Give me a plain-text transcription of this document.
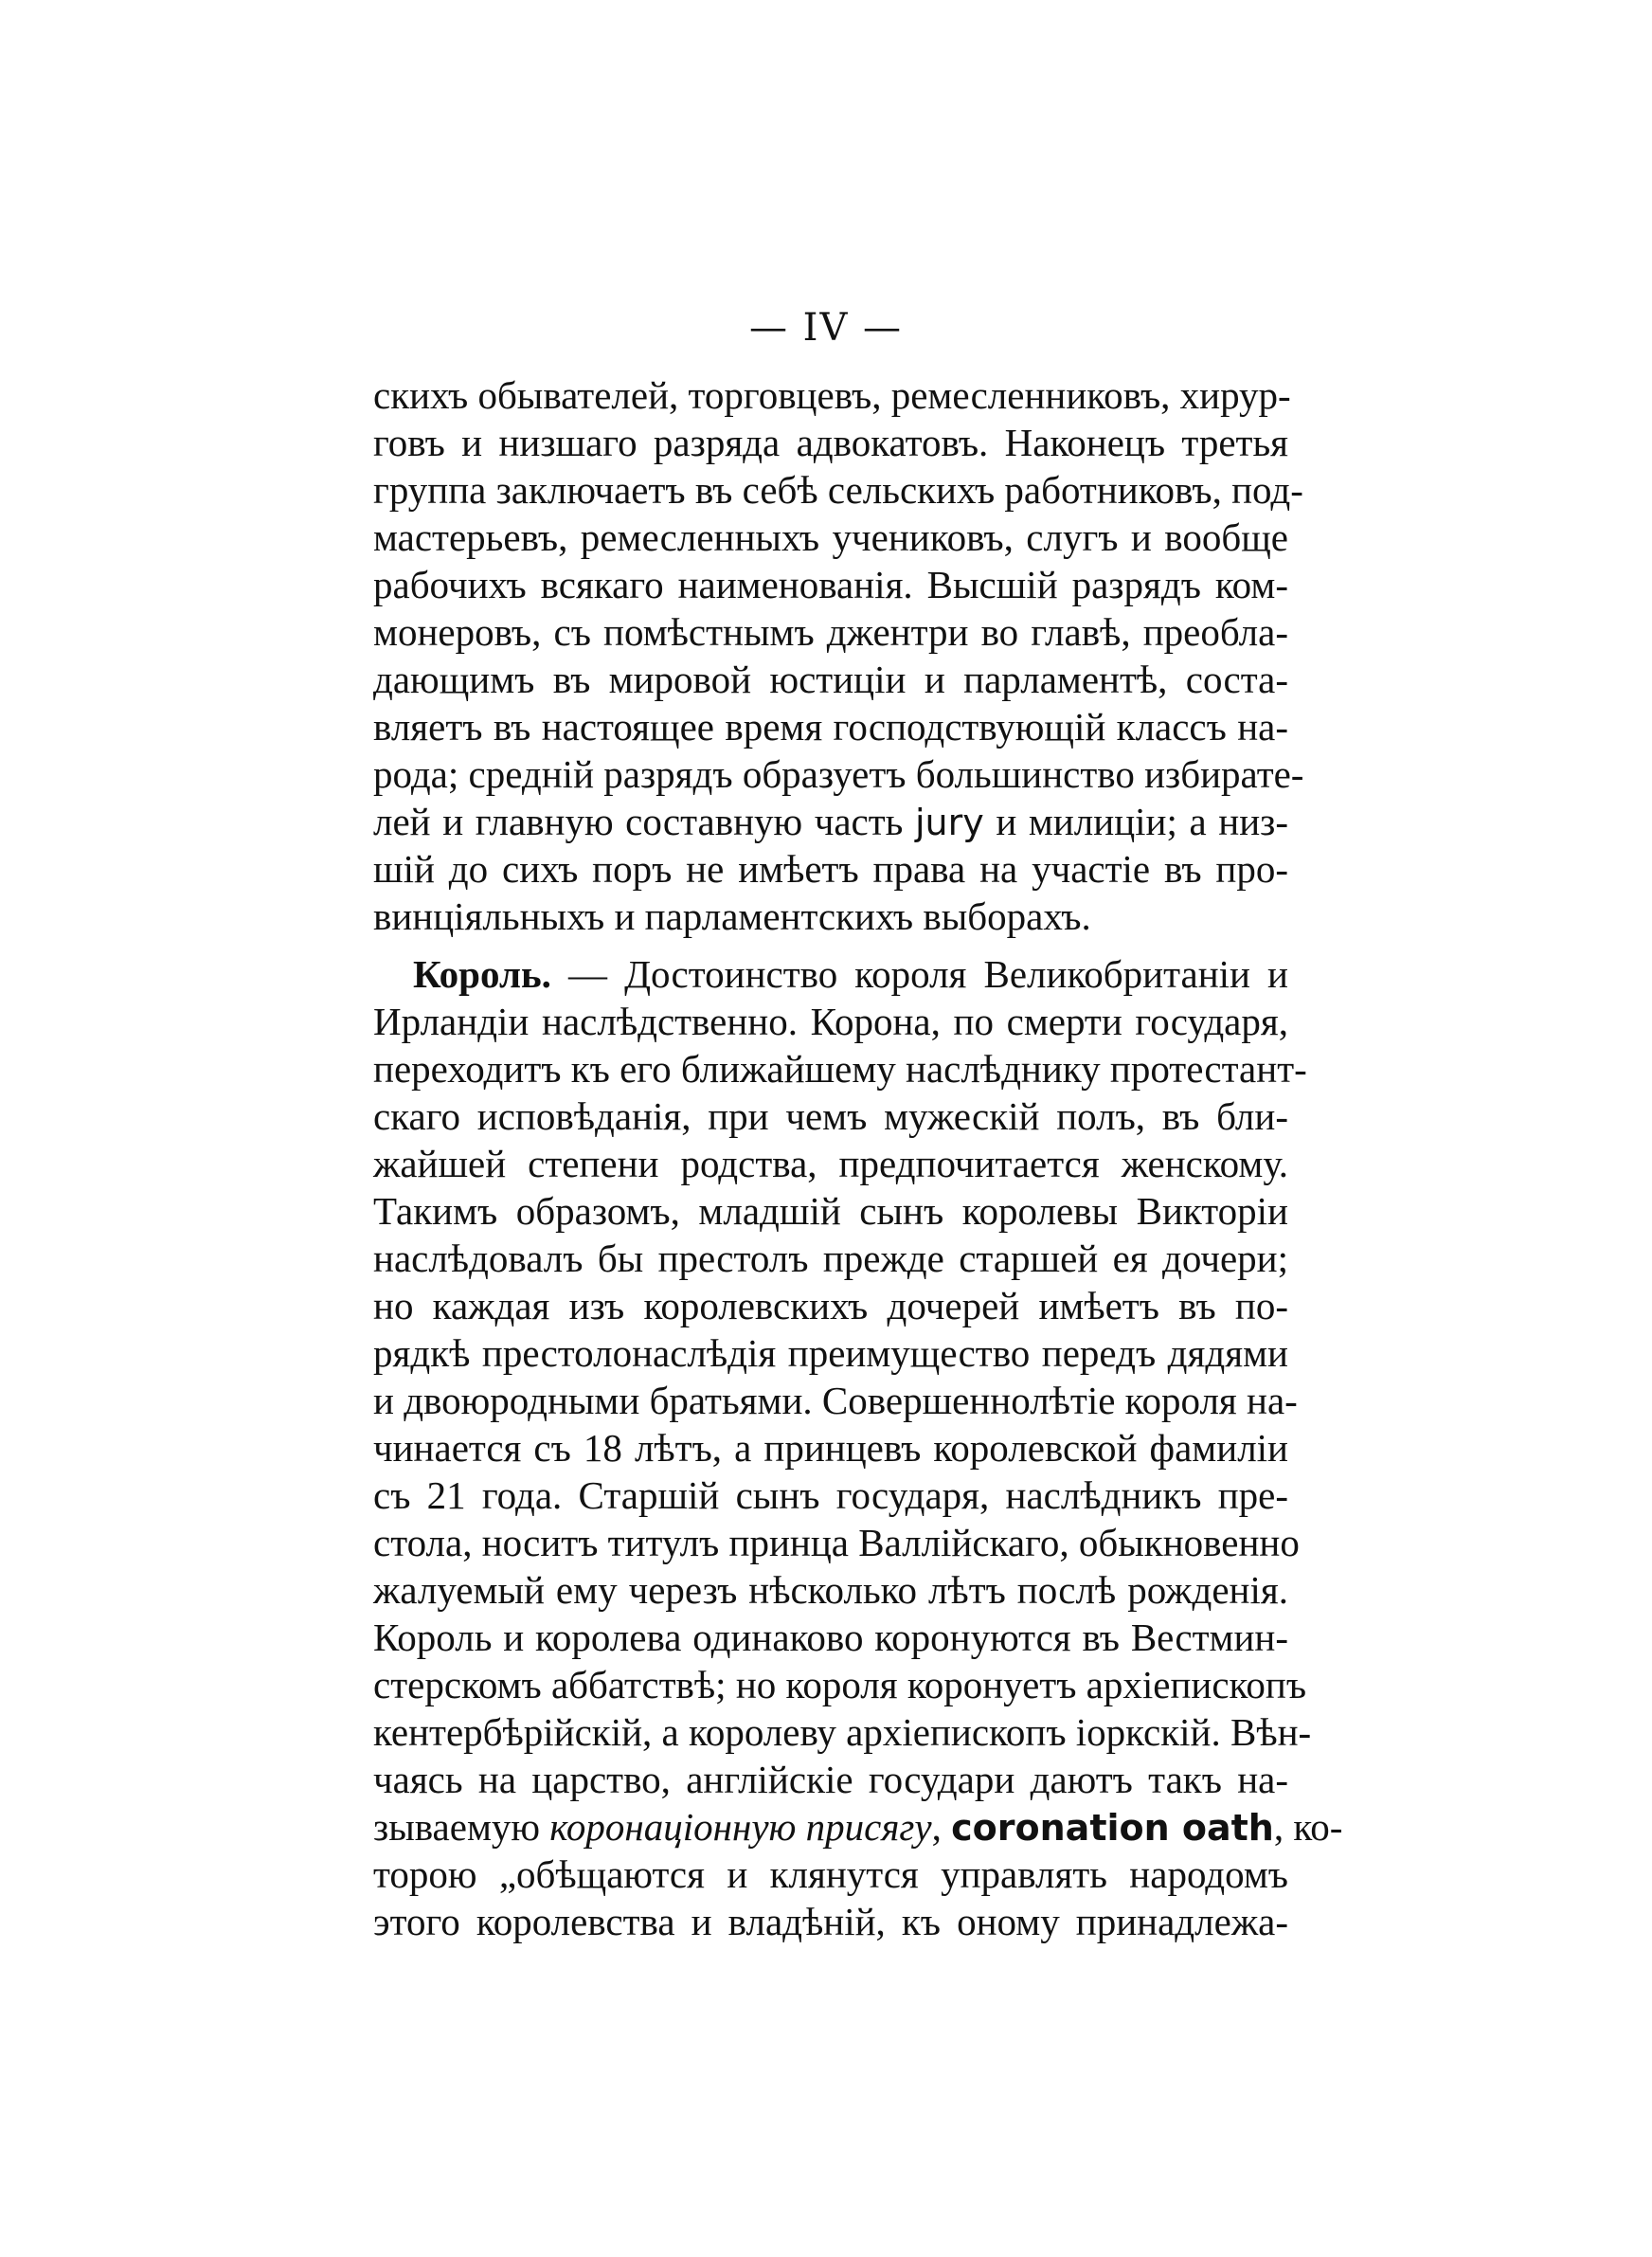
— IV —
скихъ обывателей, торговцевъ, ремесленниковъ, хирур-
говъ и низшаго разряда адвокатовъ. Наконецъ третья
группа заключаетъ въ себѣ сельскихъ работниковъ, под-
мастерьевъ, ремесленныхъ учениковъ, слугъ и вообще
рабочихъ всякаго наименованія. Высшій разрядъ ком-
монеровъ, съ помѣстнымъ джентри во главѣ, преобла-
дающимъ въ мировой юстиціи и парламентѣ, соста-
вляетъ въ настоящее время господствующій классъ на-
рода; средній разрядъ образуетъ большинство избирате-
лей и главную составную часть jury и милиціи; а низ-
шій до сихъ поръ не имѣетъ права на участіе въ про-
винціяльныхъ и парламентскихъ выборахъ.
Король. — Достоинство короля Великобританіи и
Ирландіи наслѣдственно. Корона, по смерти государя,
переходитъ къ его ближайшему наслѣднику протестант-
скаго исповѣданія, при чемъ мужескій полъ, въ бли-
жайшей степени родства, предпочитается женскому.
Такимъ образомъ, младшій сынъ королевы Викторіи
наслѣдовалъ бы престолъ прежде старшей ея дочери;
но каждая изъ королевскихъ дочерей имѣетъ въ по-
рядкѣ престолонаслѣдія преимущество передъ дядями
и двоюродными братьями. Совершеннолѣтіе короля на-
чинается съ 18 лѣтъ, а принцевъ королевской фамиліи
съ 21 года. Старшій сынъ государя, наслѣдникъ пре-
стола, носитъ титулъ принца Валлійскаго, обыкновенно
жалуемый ему черезъ нѣсколько лѣтъ послѣ рожденія.
Король и королева одинаково коронуются въ Вестмин-
стерскомъ аббатствѣ; но короля коронуетъ архіепископъ
кентербѣрійскій, а королеву архіепископъ іоркскій. Вѣн-
чаясь на царство, англійскіе государи даютъ такъ на-
зываемую коронаціонную присягу, coronation oath, ко-
торою „обѣщаются и клянутся управлять народомъ
этого королевства и владѣній, къ оному принадлежа-
